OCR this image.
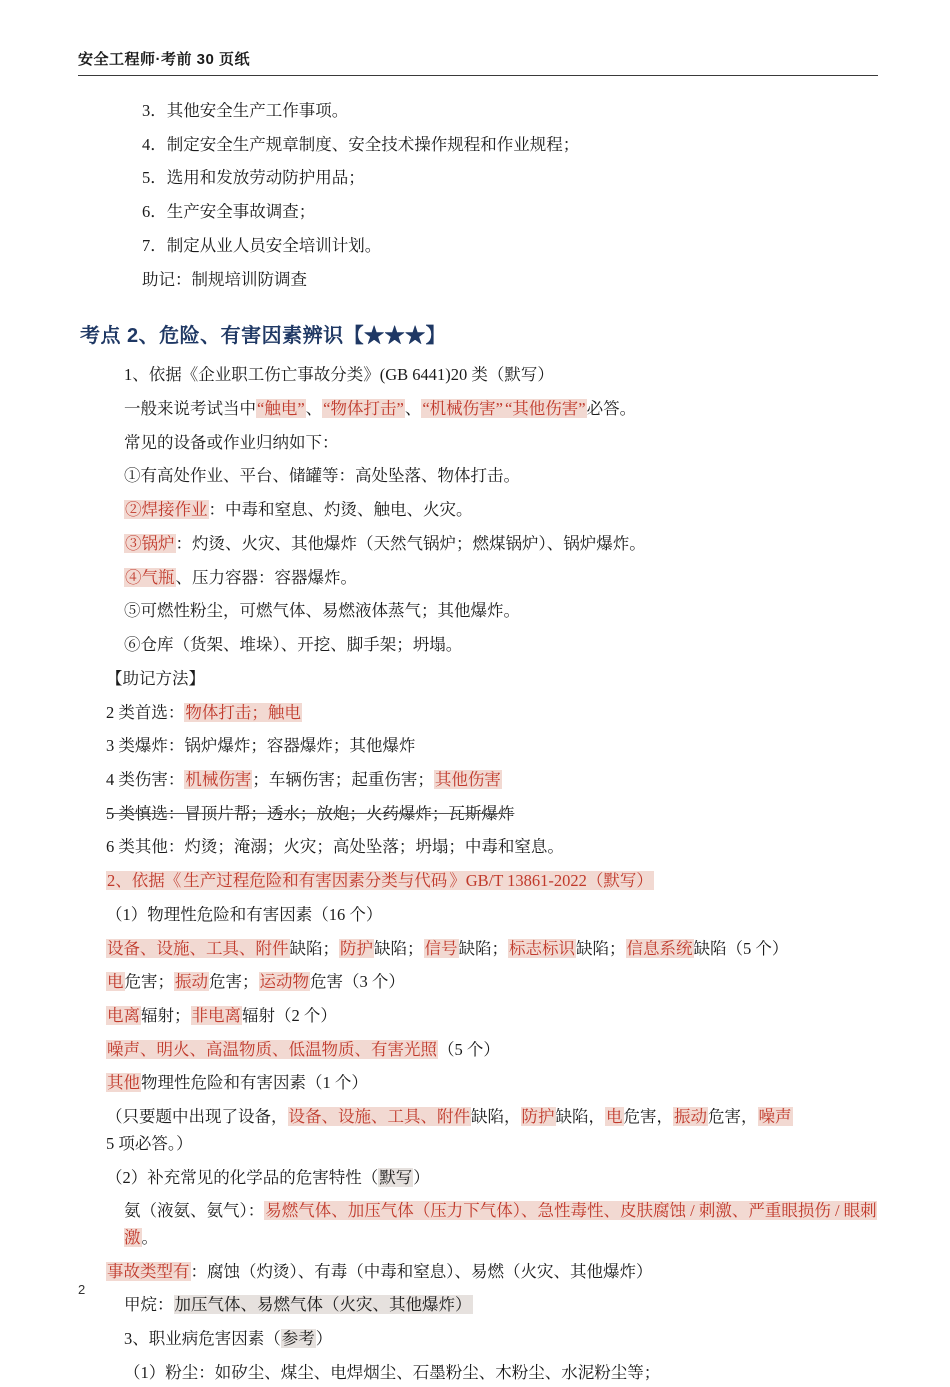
安全工程师·考前 30 页纸

3．其他安全生产工作事项。

4．制定安全生产规章制度、安全技术操作规程和作业规程；

5．选用和发放劳动防护用品；

6．生产安全事故调查；

7．制定从业人员安全培训计划。

助记：制规培训防调查

考点 2、危险、有害因素辨识【★★★】

1、依据《企业职工伤亡事故分类》(GB 6441)20 类（默写）

一般来说考试当中“触电”、“物体打击”、“机械伤害” “其他伤害”必答。

常见的设备或作业归纳如下：

①有高处作业、平台、储罐等：高处坠落、物体打击。

②焊接作业：中毒和窒息、灼烫、触电、火灾。

③锅炉：灼烫、火灾、其他爆炸（天然气锅炉；燃煤锅炉）、锅炉爆炸。

④气瓶、压力容器：容器爆炸。

⑤可燃性粉尘，可燃气体、易燃液体蒸气；其他爆炸。

⑥仓库（货架、堆垛）、开挖、脚手架；坍塌。

【助记方法】

2 类首选：物体打击；触电

3 类爆炸：锅炉爆炸；容器爆炸；其他爆炸

4 类伤害：机械伤害；车辆伤害；起重伤害；其他伤害

5 类慎选：冒顶片帮；透水；放炮；火药爆炸；瓦斯爆炸

6 类其他：灼烫；淹溺；火灾；高处坠落；坍塌；中毒和窒息。

2、依据《 生产过程危险和有害因素分类与代码 》GB/T 13861-2022（默写）

（1）物理性危险和有害因素（16 个）

设备、设施、工具、附件缺陷；防护缺陷；信号缺陷；标志标识缺陷；信息系统缺陷（5 个）

电危害；振动危害；运动物危害（3 个）

电离辐射；非电离辐射（2 个）

噪声、明火、高温物质、低温物质、有害光照（5 个）

其他物理性危险和有害因素（1 个）

（只要题中出现了设备，设备、设施、工具、附件缺陷，防护缺陷，电危害，振动危害，噪声5 项必答。）

（2）补充常见的化学品的危害特性（默写）

氨（液氨、氨气）：易燃气体、加压气体（压力下气体）、急性毒性、皮肤腐蚀 / 刺激、严重眼损伤 / 眼刺激。

事故类型有：腐蚀（灼烫）、有毒（中毒和窒息）、易燃（火灾、其他爆炸）

甲烷：加压气体、易燃气体（火灾、其他爆炸）

3、职业病危害因素（参考）

（1）粉尘：如矽尘、煤尘、电焊烟尘、石墨粉尘、木粉尘、水泥粉尘等；

2
